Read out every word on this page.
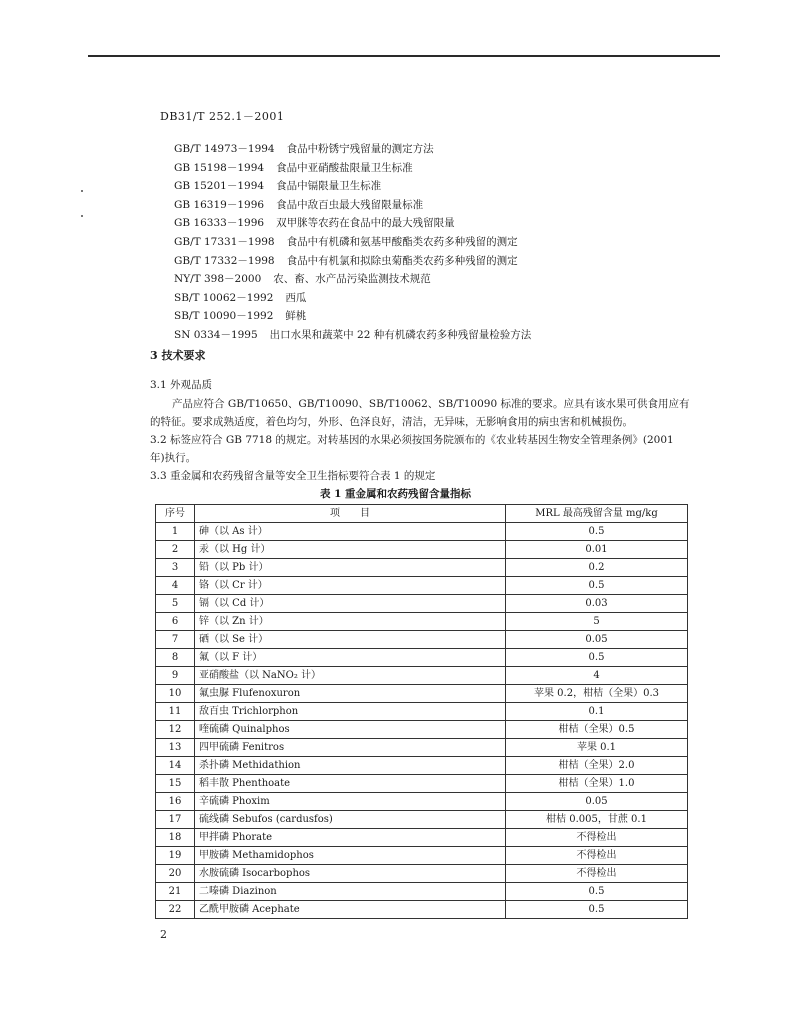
DB31/T 252.1－2001
GB/T 14973－1994 食品中粉锈宁残留量的测定方法
GB 15198－1994 食品中亚硝酸盐限量卫生标准
GB 15201－1994 食品中镉限量卫生标准
GB 16319－1996 食品中敌百虫最大残留限量标准
GB 16333－1996 双甲脒等农药在食品中的最大残留限量
GB/T 17331－1998 食品中有机磷和氨基甲酸酯类农药多种残留的测定
GB/T 17332－1998 食品中有机氯和拟除虫菊酯类农药多种残留的测定
NY/T 398－2000 农、畜、水产品污染监测技术规范
SB/T 10062－1992 西瓜
SB/T 10090－1992 鲜桃
SN 0334－1995 出口水果和蔬菜中 22 种有机磷农药多种残留量检验方法
3 技术要求
3.1 外观品质
产品应符合 GB/T10650、GB/T10090、SB/T10062、SB/T10090 标准的要求。应具有该水果可供食用应有的特征。要求成熟适度，着色均匀，外形、色泽良好，清洁，无异味，无影响食用的病虫害和机械损伤。
3.2 标签应符合 GB 7718 的规定。对转基因的水果必须按国务院颁布的《农业转基因生物安全管理条例》(2001 年)执行。
3.3 重金属和农药残留含量等安全卫生指标要符合表 1 的规定
表 1 重金属和农药残留含量指标
序号	项　　目	MRL 最高残留含量 mg/kg
1	砷（以 As 计）	0.5
2	汞（以 Hg 计）	0.01
3	铅（以 Pb 计）	0.2
4	铬（以 Cr 计）	0.5
5	镉（以 Cd 计）	0.03
6	锌（以 Zn 计）	5
7	硒（以 Se 计）	0.05
8	氟（以 F 计）	0.5
9	亚硝酸盐（以 NaNO₂ 计）	4
10	氟虫脲 Flufenoxuron	苹果 0.2，柑桔（全果）0.3
11	敌百虫 Trichlorphon	0.1
12	喹硫磷 Quinalphos	柑桔（全果）0.5
13	四甲硫磷 Fenitros	苹果 0.1
14	杀扑磷 Methidathion	柑桔（全果）2.0
15	稻丰散 Phenthoate	柑桔（全果）1.0
16	辛硫磷 Phoxim	0.05
17	硫线磷 Sebufos (cardusfos)	柑桔 0.005，甘蔗 0.1
18	甲拌磷 Phorate	不得检出
19	甲胺磷 Methamidophos	不得检出
20	水胺硫磷 Isocarbophos	不得检出
21	二嗪磷 Diazinon	0.5
22	乙酰甲胺磷 Acephate	0.5
2
